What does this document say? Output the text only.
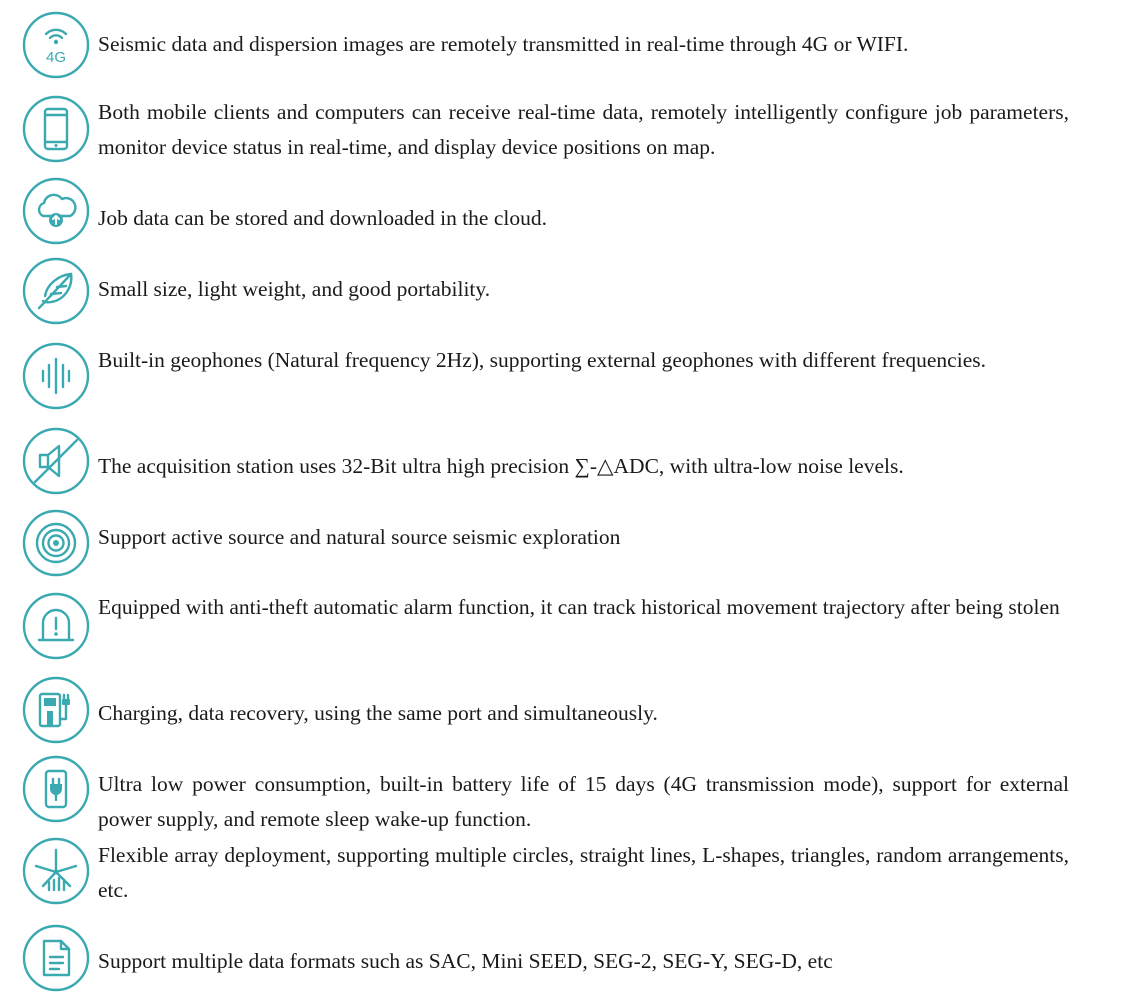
4G

Seismic data and dispersion images are remotely transmitted in real-time through 4G or WIFI.

Both mobile clients and computers can receive real-time data, remotely intelligently configure job parameters, monitor device status in real-time, and display device positions on map.

Job data can be stored and downloaded in the cloud.

Small size, light weight, and good portability.

Built-in geophones (Natural frequency 2Hz), supporting external geophones with different frequencies.

The acquisition station uses 32-Bit ultra high precision ∑-△ADC, with ultra-low noise levels.

Support active source and natural source seismic exploration

Equipped with anti-theft automatic alarm function, it can track historical movement trajectory after being stolen

Charging, data recovery, using the same port and simultaneously.

Ultra low power consumption, built-in battery life of 15 days (4G transmission mode), support for external power supply, and remote sleep wake-up function.

Flexible array deployment, supporting multiple circles, straight lines, L-shapes, triangles, random arrangements, etc.

Support multiple data formats such as SAC, Mini SEED, SEG-2, SEG-Y, SEG-D, etc
